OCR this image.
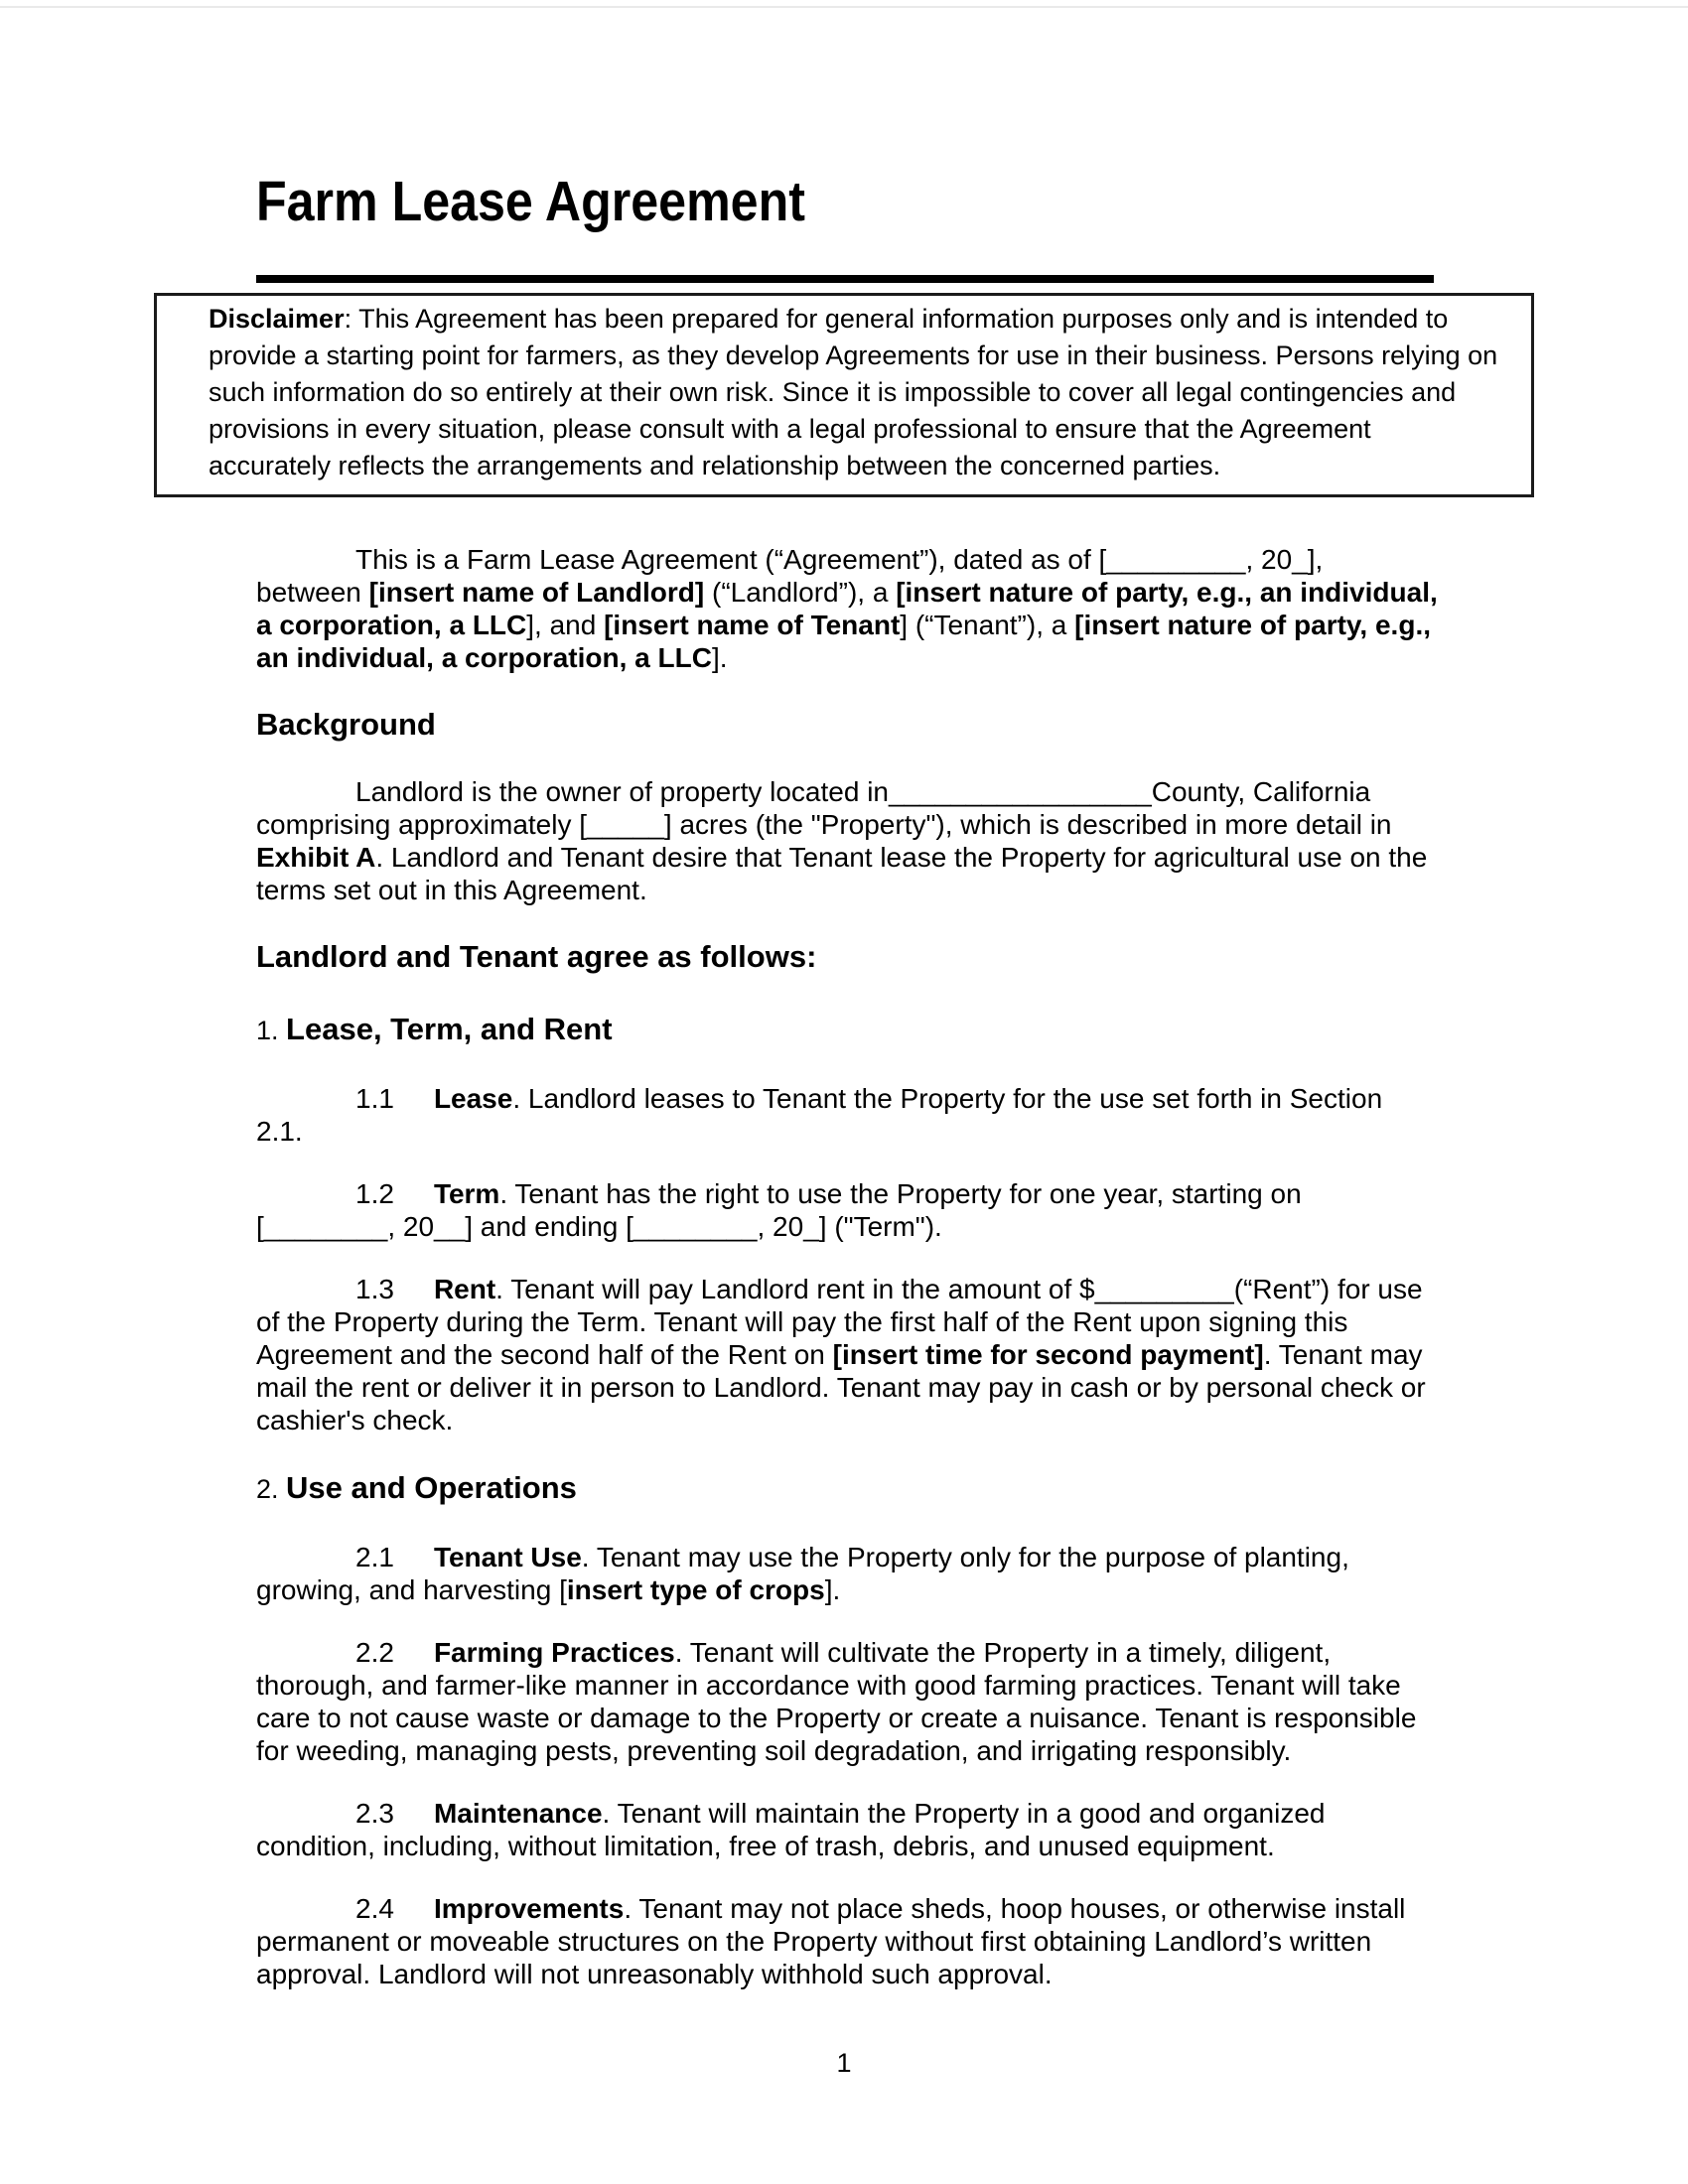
Farm Lease Agreement
Disclaimer: This Agreement has been prepared for general information purposes only and is intended to
provide a starting point for farmers, as they develop Agreements for use in their business. Persons relying on
such information do so entirely at their own risk. Since it is impossible to cover all legal contingencies and
provisions in every situation, please consult with a legal professional to ensure that the Agreement
accurately reflects the arrangements and relationship between the concerned parties.

This is a Farm Lease Agreement (“Agreement”), dated as of [_________, 20_],
between [insert name of Landlord] (“Landlord”), a [insert nature of party, e.g., an individual,
a corporation, a LLC], and [insert name of Tenant] (“Tenant”), a [insert nature of party, e.g.,
an individual, a corporation, a LLC].

Background

Landlord is the owner of property located in_________________County, California
comprising approximately [_____] acres (the "Property"), which is described in more detail in
Exhibit A. Landlord and Tenant desire that Tenant lease the Property for agricultural use on the
terms set out in this Agreement.

Landlord and Tenant agree as follows:

1. Lease, Term, and Rent

1.1 Lease. Landlord leases to Tenant the Property for the use set forth in Section
2.1.

1.2 Term. Tenant has the right to use the Property for one year, starting on
[________, 20__] and ending [________, 20_] ("Term").

1.3 Rent. Tenant will pay Landlord rent in the amount of $_________(“Rent”) for use
of the Property during the Term. Tenant will pay the first half of the Rent upon signing this
Agreement and the second half of the Rent on [insert time for second payment]. Tenant may
mail the rent or deliver it in person to Landlord. Tenant may pay in cash or by personal check or
cashier's check.

2. Use and Operations

2.1 Tenant Use. Tenant may use the Property only for the purpose of planting,
growing, and harvesting [insert type of crops].

2.2 Farming Practices. Tenant will cultivate the Property in a timely, diligent,
thorough, and farmer-like manner in accordance with good farming practices. Tenant will take
care to not cause waste or damage to the Property or create a nuisance. Tenant is responsible
for weeding, managing pests, preventing soil degradation, and irrigating responsibly.

2.3 Maintenance. Tenant will maintain the Property in a good and organized
condition, including, without limitation, free of trash, debris, and unused equipment.

2.4 Improvements. Tenant may not place sheds, hoop houses, or otherwise install
permanent or moveable structures on the Property without first obtaining Landlord’s written
approval. Landlord will not unreasonably withhold such approval.

1
